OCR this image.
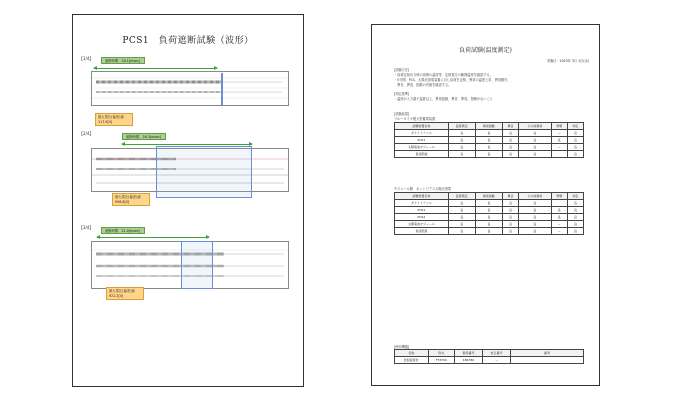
PCS1　負荷遮断試験（波形）
【1/4】	遮断時間　28.1[msec]
最大電圧(偏差)値
117.9[V]
【2/4】
遮断時間　26.3[msec]
最大電圧(偏差)値
956.8[V]
【3/4】
遮断時間　21.0[msec]
最大電圧(偏差)値
921.2[V]
負荷試験(温度測定)
実施日：2023年 3月 1日(水)
[試験方法]
・負荷定格出力時の周囲の温度等、定格電圧の範囲温度を確認する。
・5分間、PCS、太陽光発電装置に対し負荷を定格、異常の温度上昇、異常動作、
　異音、異臭、振動の有無を確認する。
[判定基準]
・温度が入力端子温度以上、異常振動、異音、異臭、発煙がないこと
[試験結果]
ブルーダイヤ製大型蓄電装置
試験装置名称	温度測定	異常振動	異音	その他異常	発煙	判定
ダクトトランス	良	良	良	良	ー	良
PCS1	良	良	良	良	良	良
太陽電池モジュール	良	良	良	良	ー	良
直流配線	良	良	良	良		良
モジュール側　ネットピアス太陽光発電
試験装置名称	温度測定	異常振動	異音	その他異常	発煙	判定
ダクトトランス	良	良	良	良		良
PCS1	良	良	良	良	良	良
PCS2	良	良	良	良	良	良
太陽電池モジュール	良	良	良	良	ー	良
直流配線	良	良	良	良	ー	良
[使用機器]
名称	形式	製造番号	校正番号	備考
放射温度計	FT3700	180780	ー	
